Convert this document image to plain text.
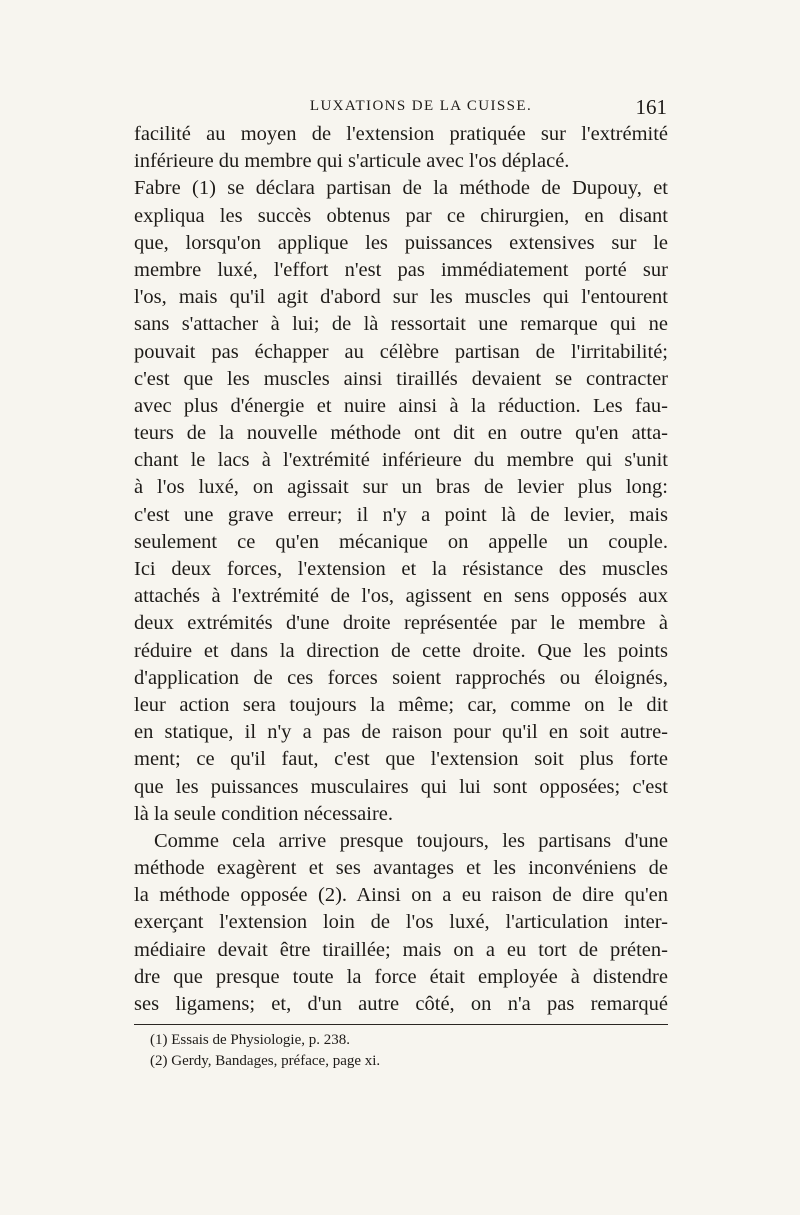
LUXATIONS DE LA CUISSE.	161
facilité au moyen de l'extension pratiquée sur l'extrémité
inférieure du membre qui s'articule avec l'os déplacé.
Fabre (1) se déclara partisan de la méthode de Dupouy, et
expliqua les succès obtenus par ce chirurgien, en disant
que, lorsqu'on applique les puissances extensives sur le
membre luxé, l'effort n'est pas immédiatement porté sur
l'os, mais qu'il agit d'abord sur les muscles qui l'entourent
sans s'attacher à lui; de là ressortait une remarque qui ne
pouvait pas échapper au célèbre partisan de l'irritabilité;
c'est que les muscles ainsi tiraillés devaient se contracter
avec plus d'énergie et nuire ainsi à la réduction. Les fau-
teurs de la nouvelle méthode ont dit en outre qu'en atta-
chant le lacs à l'extrémité inférieure du membre qui s'unit
à l'os luxé, on agissait sur un bras de levier plus long:
c'est une grave erreur; il n'y a point là de levier, mais
seulement ce qu'en mécanique on appelle un couple.
Ici deux forces, l'extension et la résistance des muscles
attachés à l'extrémité de l'os, agissent en sens opposés aux
deux extrémités d'une droite représentée par le membre à
réduire et dans la direction de cette droite. Que les points
d'application de ces forces soient rapprochés ou éloignés,
leur action sera toujours la même; car, comme on le dit
en statique, il n'y a pas de raison pour qu'il en soit autre-
ment; ce qu'il faut, c'est que l'extension soit plus forte
que les puissances musculaires qui lui sont opposées; c'est
là la seule condition nécessaire.
Comme cela arrive presque toujours, les partisans d'une
méthode exagèrent et ses avantages et les inconvéniens de
la méthode opposée (2). Ainsi on a eu raison de dire qu'en
exerçant l'extension loin de l'os luxé, l'articulation inter-
médiaire devait être tiraillée; mais on a eu tort de préten-
dre que presque toute la force était employée à distendre
ses ligamens; et, d'un autre côté, on n'a pas remarqué
(1) Essais de Physiologie, p. 238.
(2) Gerdy, Bandages, préface, page xi.
